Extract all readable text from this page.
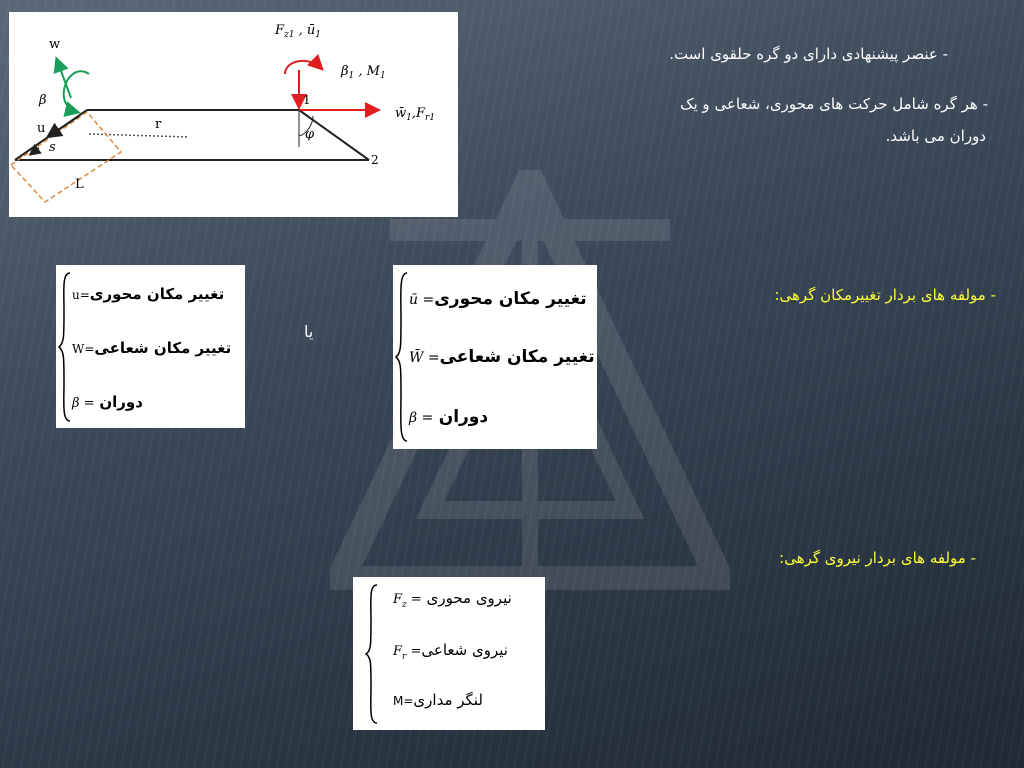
w
β
u
s
r
L
1
2
φ
$F_{z1}$ , $ū_1$
$\beta_1$ , $M_1$
$w̄_1,F_{r1}$
- عنصر پیشنهادی دارای دو گره حلقوی است.
- هر گره شامل حرکت های محوری، شعاعی و یک
دوران می باشد.
- مولفه های بردار تغییرمکان گرهی:
- مولفه های بردار نیروی گرهی:
یا
u=تغییر مکان محوری
W=تغییر مکان شعاعی
β = دوران
ū =تغییر مکان محوری
W̄ =تغییر مکان شعاعی
β = دوران
$F_z$ = نیروی محوری
$F_r$ =نیروی شعاعی
M=لنگر مداری
